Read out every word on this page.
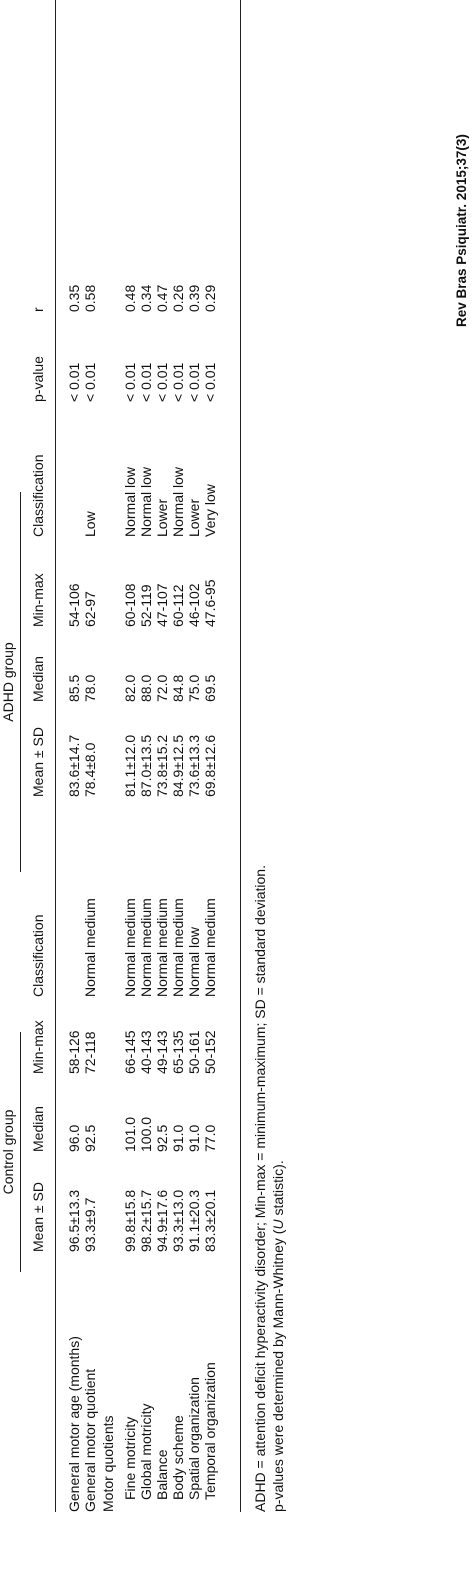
Control group
ADHD group
Mean ± SD
Median
Min-max
Classification
Mean ± SD
Median
Min-max
Classification
p-value
r
General motor age (months)
96.5±13.3
96.0
58-126
83.6±14.7
85.5
54-106
< 0.01
0.35
General motor quotient
93.3±9.7
92.5
72-118
Normal medium
78.4±8.0
78.0
62-97
Low
< 0.01
0.58
Motor quotients Fine motricity
99.8±15.8
101.0
66-145
Normal medium
81.1±12.0
82.0
60-108
Normal low
< 0.01
0.48
Global motricity
98.2±15.7
100.0
40-143
Normal medium
87.0±13.5
88.0
52-119
Normal low
< 0.01
0.34
Balance
94.9±17.6
92.5
49-143
Normal medium
73.8±15.2
72.0
47-107
Lower
< 0.01
0.47
Body scheme
93.3±13.0
91.0
65-135
Normal medium
84.9±12.5
84.8
60-112
Normal low
< 0.01
0.26
Spatial organization
91.1±20.3
91.0
50-161
Normal low
73.6±13.3
75.0
46-102
Lower
< 0.01
0.39
Temporal organization
83.3±20.1
77.0
50-152
Normal medium
69.8±12.6
69.5
47.6-95
Very low
< 0.01
0.29
ADHD = attention deficit hyperactivity disorder; Min-max = minimum-maximum; SD = standard deviation. p-values were determined by Mann-Whitney (U statistic).
Rev Bras Psiquiatr. 2015;37(3)
